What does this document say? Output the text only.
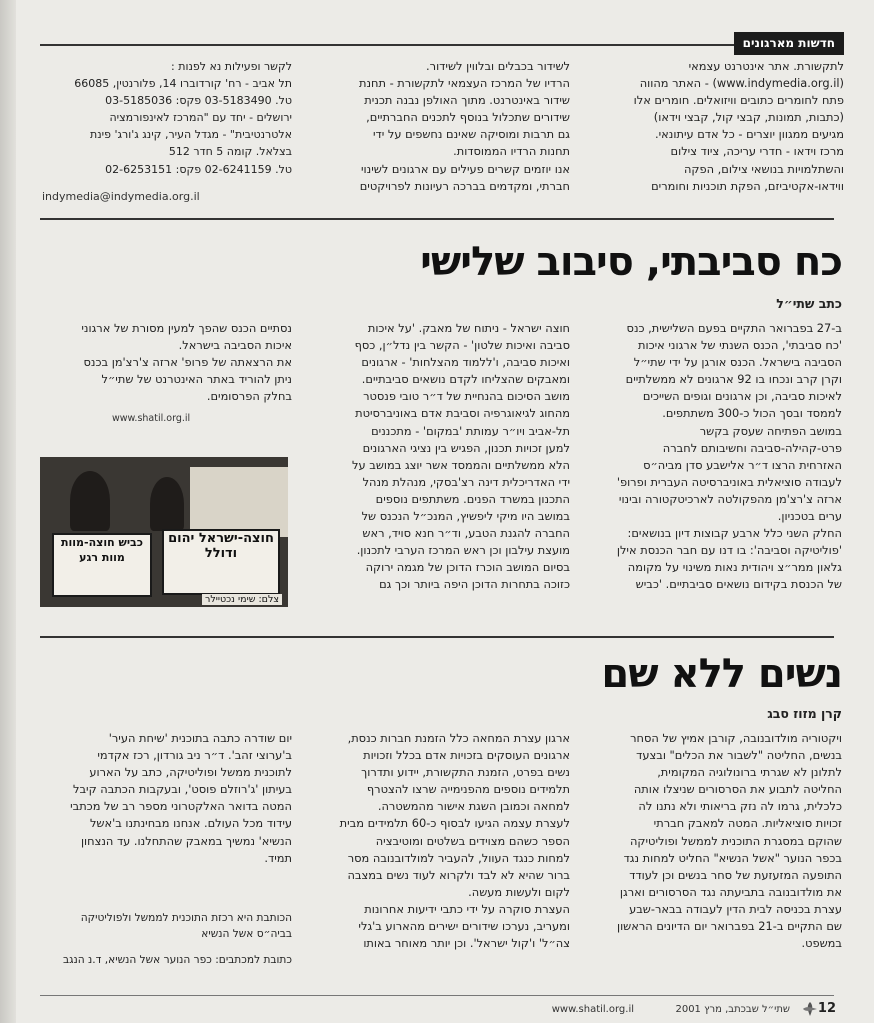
חדשות מארגונים

לתקשורת. אתר אינטרנט עצמאי

(www.indymedia.org.il) - האתר מהווה

פתח לחומרים כתובים וויזואלים. חומרים אלו

(כתבות, תמונות, קבצי קול, קבצי וידאו)

מגיעים ממגוון יוצרים - כל אדם עיתונאי.

מרכז וידאו - חדרי עריכה, ציוד צילום

והשתלמויות בנושאי צילום, הפקה

ווידאו-אקטיביזם, הפקת תוכניות וחומרים

לשידור בכבלים ובלווין לשידור.

הרדיו של המרכז העצמאי לתקשורת - תחנת

שידור באינטרנט. מתוך האולפן נבנה תכנית

שידורים שתכלול בנוסף לתכנים החברתיים,

גם תרבות ומוסיקה שאינם נחשפים על ידי

תחנות הרדיו הממוסדות.

אנו יוזמים קשרים פעילים עם ארגונים לשינוי

חברתי, ומקדמים בברכה רעיונות לפרויקטים

לקשר ופעילות נא לפנות :

תל אביב - רח' קורדוברו 14, פלורנטין, 66085

טל. 03-5183490 פקס: 03-5185036

ירושלים - יחד עם "המרכז לאינפורמציה

אלטרנטיבית" - מגדל העיר, קינג ג'ורג' פינת

בצלאל. קומה 5 חדר 512

טל. 02-6241159 פקס: 02-6253151

indymedia@indymedia.org.il
כח סביבתי, סיבוב שלישי
כתב שתי״ל

ב-27 בפברואר התקיים בפעם השלישית, כנס

'כח סביבתי', הכנס השנתי של ארגוני איכות

הסביבה בישראל. הכנס אורגן על ידי שתי״ל

וקרן קרב ונכחו בו 92 ארגונים לא ממשלתיים

לאיכות סביבה, וכן ארגונים וגופים השייכים

לממסד ובסך הכול כ-300 משתתפים.

במושב הפתיחה שעסק בקשר

פרט-קהילה-סביבה וחשיבותם לחברה

האזרחית הרצו ד״ר אלישבע סדן מביה״ס

לעבודה סוציאלית באוניברסיטה העברית ופרופ'

ארזה צ'רצ'מן מהפקולטה לארכיטקטורה ובינוי

ערים בטכניון.

החלק השני כלל ארבע קבוצות דיון בנושאים:

'פוליטיקה וסביבה': בו דנו עם חבר הכנסת אילן

גלאון ממר״צ ויהודית נאות משינוי על מקומה

של הכנסת בקידום נושאים סביבתיים. 'כביש

חוצה ישראל - ניתוח של מאבק. 'על איכות

סביבה ואיכות שלטון' - הקשר בין נדל״ן, כסף

ואיכות סביבה, ו'ללמוד מהצלחות' - ארגונים

ומאבקים שהצליחו לקדם נושאים סביבתיים.

מושב הסיכום בהנחיית של ד״ר טובי פנסטר

מהחוג לגיאוגרפיה וסביבת אדם באוניברסיטת

תל-אביב ויו״ר עמותת 'במקום' - מתכננים

למען זכויות תכנון, הפגיש בין נציגי הארגונים

הלא ממשלתיים והממסד אשר יוצג במושב על

ידי האדריכלית דינה רצ'בסקי, מנהלת מנהל

התכנון במשרד הפנים. משתתפים נוספים

במושב היו מיקי ליפשיץ, המנכ״ל הנכנס של

החברה להגנת הטבע, וד״ר חנא סויד, ראש

מועצת עילבון וכן ראש המרכז הערבי לתכנון.

בסיום המושב הוכרז הדוכן של מגמה ירוקה

כזוכה בתחרות הדוכן היפה ביותר וכך גם

נסתיים הכנס שהפך למעין מסורת של ארגוני

איכות הסביבה בישראל.

את הרצאתה של פרופ' ארזה צ'רצ'מן בכנס

ניתן להוריד באתר האינטרנט של שתי״ל

בחלק הפרסומים.

www.shatil.org.il
כביש חוצה-מוות
מוות רגע
חוצה-ישראל יהום ודולל
צלם: שימי נכטיילר
נשים ללא שם
קרן מזוז סבג

ויקטוריה מולדובנובה, קורבן אמיץ של הסחר

בנשים, החליטה "לשבור את הכלים" ובצעד

לתלונן לא שגרתי ברונולוגיה המקומית,

החליטה לתבוע את הסרסורים שניצלו אותה

כלכלית, גרמו לה נזק בריאותי ולא נתנו לה

זכויות סוציאליות. המטה למאבק חברתי

שהוקם במסגרת התוכנית לממשל ופוליטיקה

בכפר הנוער "אשל הנשיא" החליט למחות נגד

התופעה המזעזעת של סחר בנשים וכן לעודד

את מולדובנובה בתביעתה נגד הסרסורים וארגן

עצרת בכניסה לבית הדין לעבודה בבאר-שבע

שם התקיים ב-21 בפברואר יום הדיונים הראשון

במשפט.

ארגון עצרת המחאה כלל הזמנת חברות כנסת,

ארגונים העוסקים בזכויות אדם בכלל וזכויות

נשים בפרט, הזמנת התקשורת, יידוע ותדרוך

תלמידים נוספים מהפנימייה שרצו להצטרף

למחאה וכמובן השגת אישור מהמשטרה.

לעצרת עצמה הגיעו לבסוף כ-60 תלמידים מבית

הספר כשהם מצוידים בשלטים ומוטיבציה

למחות כנגד העוול, להעביר למולדובנובה מסר

ברור שהיא לא לבד ולקרוא לעוד נשים במצבה

לקום ולעשות מעשה.

העצרת סוקרה על ידי כתבי ידיעות אחרונות

ומעריב, נערכו שידורים ישירים מהארוע ב'גלי

צה״ל' ו'קול ישראל'. וכן יותר מאוחר באותו

יום שודרה כתבה בתוכנית 'שיחת העיר'

ב'ערוצי זהב'. ד״ר ניב גורדון, רכז אקדמי

לתוכנית ממשל ופוליטיקה, כתב על הארוע

בעיתון 'ג'רוזלם פוסט', ובעקבות הכתבה קיבל

המטה בדואר האלקטרוני מספר רב של מכתבי

עידוד מכל העולם. אנחנו מבחינתנו ב'אשל

הנשיא' נמשיך במאבק שהתחלנו. עד הנצחון

תמיד.

הכותבת היא רכזת התוכנית לממשל ולפוליטיקה

בביה״ס אשל הנשיא

כתובת למכתבים: כפר הנוער אשל הנשיא, ד.נ הנגב

12
שתי״ל שבכתב, מרץ 2001
www.shatil.org.il
